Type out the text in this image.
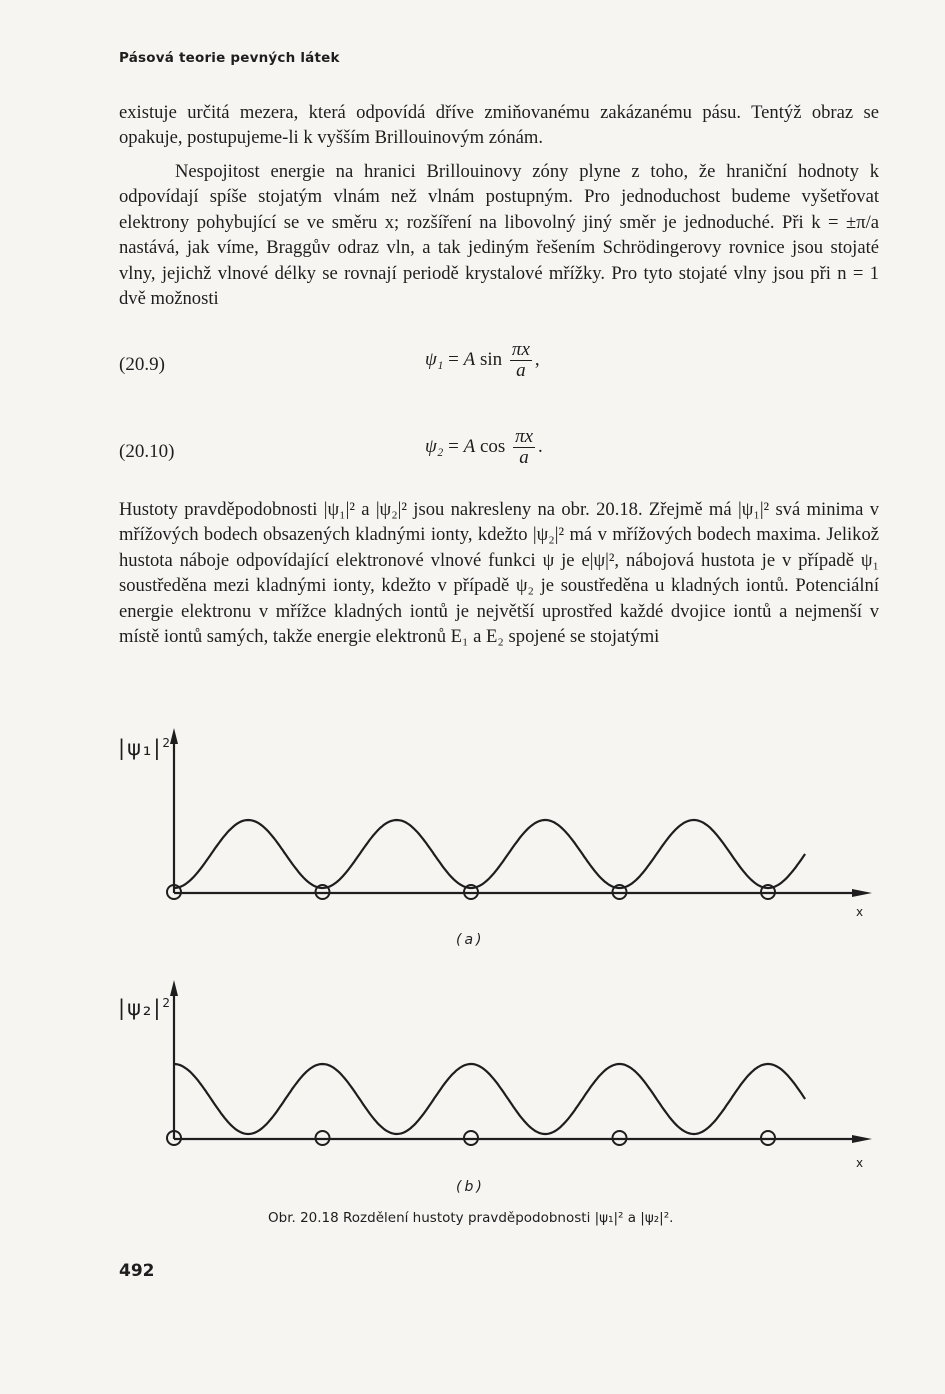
Pásová teorie pevných látek

existuje určitá mezera, která odpovídá dříve zmiňovanému zakázanému pásu. Tentýž obraz se opakuje, postupujeme-li k vyšším Brillouinovým zónám.

Nespojitost energie na hranici Brillouinovy zóny plyne z toho, že hraniční hodnoty k odpovídají spíše stojatým vlnám než vlnám postupným. Pro jednoduchost budeme vyšetřovat elektrony pohybující se ve směru x; rozšíření na libovolný jiný směr je jednoduché. Při k = ±π/a nastává, jak víme, Braggův odraz vln, a tak jediným řešením Schrödingerovy rovnice jsou stojaté vlny, jejichž vlnové délky se rovnají periodě krystalové mřížky. Pro tyto stojaté vlny jsou při n = 1 dvě možnosti

(20.9)	ψ₁ = A $\sin \frac{\pi x}{a}$ ,
(20.10)	ψ₂ = A $\cos \frac{\pi x}{a}$ .

Hustoty pravděpodobnosti |ψ₁|² a |ψ₂|² jsou nakresleny na obr. 20.18. Zřejmě má |ψ₁|² svá minima v mřížových bodech obsazených kladnými ionty, kdežto |ψ₂|² má v mřížových bodech maxima. Jelikož hustota náboje odpovídající elektronové vlnové funkci ψ je e|ψ|², nábojová hustota je v případě ψ₁ soustředěna mezi kladnými ionty, kdežto v případě ψ₂ je soustředěna u kladných iontů. Potenciální energie elektronu v mřížce kladných iontů je největší uprostřed každé dvojice iontů a nejmenší v místě iontů samých, takže energie elektronů E₁ a E₂ spojené se stojatými

$|\psi_1|^2$
x
(a)
$|\psi_2|^2$
x
(b)
Obr. 20.18 Rozdělení hustoty pravděpodobnosti |ψ₁|² a |ψ₂|².
492
